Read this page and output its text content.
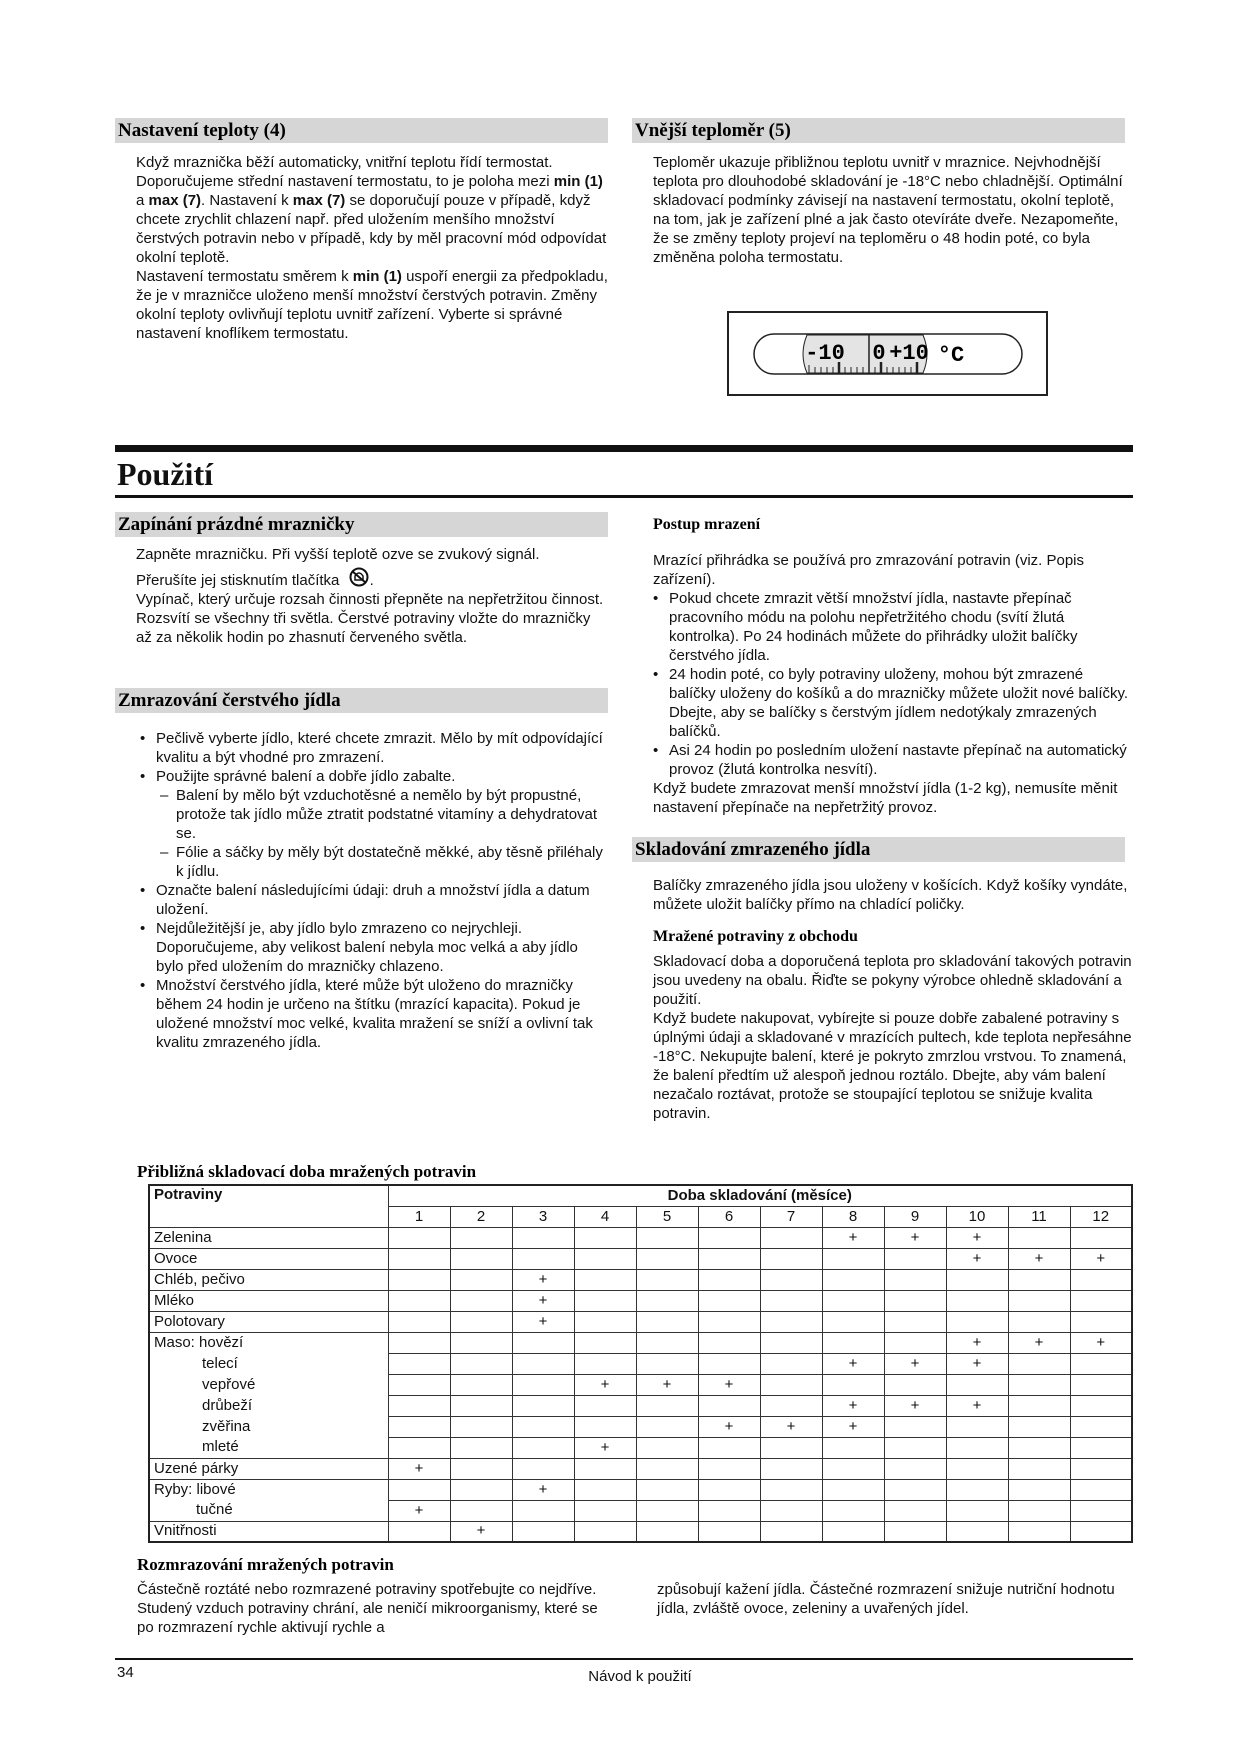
Nastavení teploty (4)

Když mraznička běží automaticky, vnitřní teplotu řídí termostat. Doporučujeme střední nastavení termostatu, to je poloha mezi min (1) a max (7). Nastavení k max (7) se doporučují pouze v případě, když chcete zrychlit chlazení např. před uložením menšího množství čerstvých potravin nebo v případě, kdy by měl pracovní mód odpovídat okolní teplotě.

Nastavení termostatu směrem k min (1) uspoří energii za předpokladu, že je v mrazničce uloženo menší množství čerstvých potravin. Změny okolní teploty ovlivňují teplotu uvnitř zařízení. Vyberte si správné nastavení knoflíkem termostatu.

Vnější teploměr (5)
Teploměr ukazuje přibližnou teplotu uvnitř v mraznice. Nejvhodnější teplota pro dlouhodobé skladování je -18°C nebo chladnější. Optimální skladovací podmínky závisejí na nastavení termostatu, okolní teplotě, na tom, jak je zařízení plné a jak často otevíráte dveře. Nezapomeňte, že se změny teploty projeví na teploměru o 48 hodin poté, co byla změněna poloha termostatu.
-10 0 +10 °C
Použití
Zapínání prázdné mrazničky

Zapněte mrazničku. Při vyšší teplotě ozve se zvukový signál.

Přerušíte jej stisknutím tlačítka .

Vypínač, který určuje rozsah činnosti přepněte na nepřetržitou činnost. Rozsvítí se všechny tři světla. Čerstvé potraviny vložte do mrazničky až za několik hodin po zhasnutí červeného světla.

Zmrazování čerstvého jídla
• Pečlivě vyberte jídlo, které chcete zmrazit. Mělo by mít odpovídající kvalitu a být vhodné pro zmrazení.
• Použijte správné balení a dobře jídlo zabalte.
– Balení by mělo být vzduchotěsné a nemělo by být propustné, protože tak jídlo může ztratit podstatné vitamíny a dehydratovat se.
– Fólie a sáčky by měly být dostatečně měkké, aby těsně přiléhaly k jídlu.
• Označte balení následujícími údaji: druh a množství jídla a datum uložení.
• Nejdůležitější je, aby jídlo bylo zmrazeno co nejrychleji. Doporučujeme, aby velikost balení nebyla moc velká a aby jídlo bylo před uložením do mrazničky chlazeno.
• Množství čerstvého jídla, které může být uloženo do mrazničky během 24 hodin je určeno na štítku (mrazící kapacita). Pokud je uložené množství moc velké, kvalita mražení se sníží a ovlivní tak kvalitu zmrazeného jídla.
Postup mrazení

Mrazící přihrádka se používá pro zmrazování potravin (viz. Popis zařízení).

• Pokud chcete zmrazit větší množství jídla, nastavte přepínač pracovního módu na polohu nepřetržitého chodu (svítí žlutá kontrolka). Po 24 hodinách můžete do přihrádky uložit balíčky čerstvého jídla.
• 24 hodin poté, co byly potraviny uloženy, mohou být zmrazené balíčky uloženy do košíků a do mrazničky můžete uložit nové balíčky. Dbejte, aby se balíčky s čerstvým jídlem nedotýkaly zmrazených balíčků.
• Asi 24 hodin po posledním uložení nastavte přepínač na automatický provoz (žlutá kontrolka nesvítí).

Když budete zmrazovat menší množství jídla (1-2 kg), nemusíte měnit nastavení přepínače na nepřetržitý provoz.

Skladování zmrazeného jídla
Balíčky zmrazeného jídla jsou uloženy v košících. Když košíky vyndáte, můžete uložit balíčky přímo na chladící poličky.
Mražené potraviny z obchodu

Skladovací doba a doporučená teplota pro skladování takových potravin jsou uvedeny na obalu. Řiďte se pokyny výrobce ohledně skladování a použití.

Když budete nakupovat, vybírejte si pouze dobře zabalené potraviny s úplnými údaji a skladované v mrazících pultech, kde teplota nepřesáhne

-18°C. Nekupujte balení, které je pokryto zmrzlou vrstvou. To znamená, že balení předtím už alespoň jednou roztálo. Dbejte, aby vám balení nezačalo roztávat, protože se stoupající teplotou se snižuje kvalita potravin.

Přibližná skladovací doba mražených potravin
Potraviny	Doba skladování (měsíce)											
	1	2	3	4	5	6	7	8	9	10	11	12
Zelenina								+	+	+		
Ovoce										+	+	+
Chléb, pečivo			+									
Mléko			+									
Polotovary			+									
Maso: hovězí										+	+	+
telecí								+	+	+		
vepřové				+	+	+						
drůbeží								+	+	+		
zvěřina						+	+	+				
mleté				+								
Uzené párky	+											
Ryby: libové			+									
tučné	+											
Vnitřnosti		+										
Rozmrazování mražených potravin
Částečně roztáté nebo rozmrazené potraviny spotřebujte co nejdříve. Studený vzduch potraviny chrání, ale neničí mikroorganismy, které se po rozmrazení rychle aktivují rychle a
způsobují kažení jídla. Částečné rozmrazení snižuje nutriční hodnotu jídla, zvláště ovoce, zeleniny a uvařených jídel.
34	Návod k použití
